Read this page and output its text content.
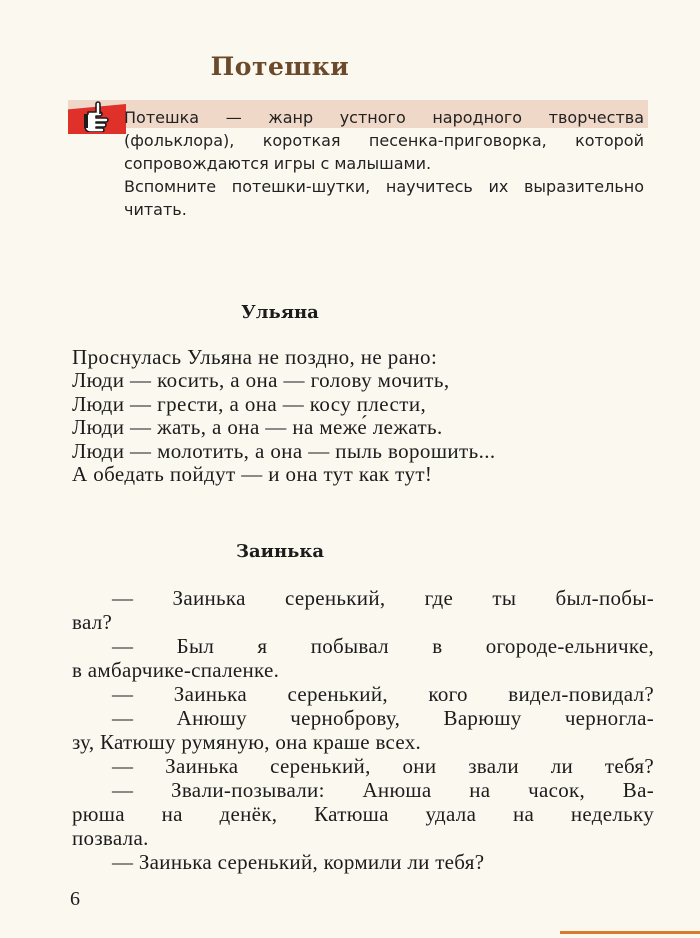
Потешки

Потешка — жанр устного народного творчества (фольклора), короткая песенка-приговорка, которой сопровождаются игры с малышами.

Вспомните потешки-шутки, научитесь их выразительно читать.

Ульяна
Проснулась Ульяна не поздно, не рано:
Люди — косить, а она — голову мочить,
Люди — грести, а она — косу плести,
Люди — жать, а она — на меже́ лежать.
Люди — молотить, а она — пыль ворошить...
А обедать пойдут — и она тут как тут!
Заинька
— Заинька серенький, где ты был-побы-
вал?
— Был я побывал в огороде-ельничке,
в амбарчике-спаленке.
— Заинька серенький, кого видел-повидал?
— Анюшу черноброву, Варюшу черногла-
зу, Катюшу румяную, она краше всех.
— Заинька серенький, они звали ли тебя?
— Звали-позывали: Анюша на часок, Ва-
рюша на денёк, Катюша удала на недельку
позвала.
— Заинька серенький, кормили ли тебя?
6
